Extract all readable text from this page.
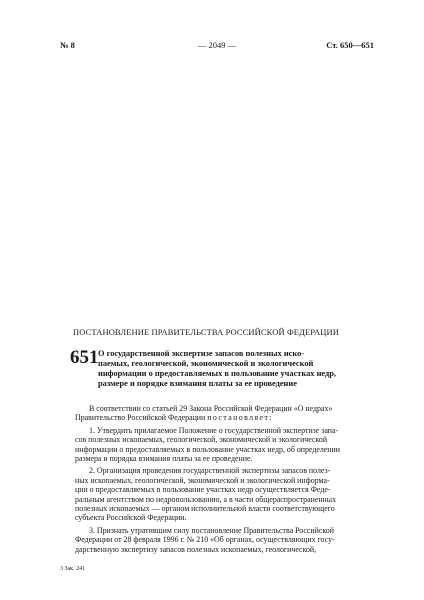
№ 8	— 2049 —	Ст. 650—651
ПОСТАНОВЛЕНИЕ ПРАВИТЕЛЬСТВА РОССИЙСКОЙ ФЕДЕРАЦИИ
651 О государственной экспертизе запасов полезных иско-
паемых, геологической, экономической и экологической
информации о предоставляемых в пользование участках недр,
размере и порядке взимания платы за ее проведение

В соответствии со статьей 29 Закона Российской Федерации «О недрах»
Правительство Российской Федерации постановляет:

1. Утвердить прилагаемое Положение о государственной экспертизе запа-
сов полезных ископаемых, геологической, экономической и экологической
информации о предоставляемых в пользование участках недр, об определении
размера и порядка взимания платы за ее проведение.

2. Организация проведения государственной экспертизы запасов полез-
ных ископаемых, геологической, экономической и экологической информа-
ции о предоставляемых в пользование участках недр осуществляется Феде-
ральным агентством по недропользованию, а в части общераспространенных
полезных ископаемых — органом исполнительной власти соответствующего
субъекта Российской Федерации.

3. Признать утратившим силу постановление Правительства Российской
Федерации от 28 февраля 1996 г. № 210 «Об органах, осуществляющих госу-
дарственную экспертизу запасов полезных ископаемых, геологической,

3 Зак. 241
